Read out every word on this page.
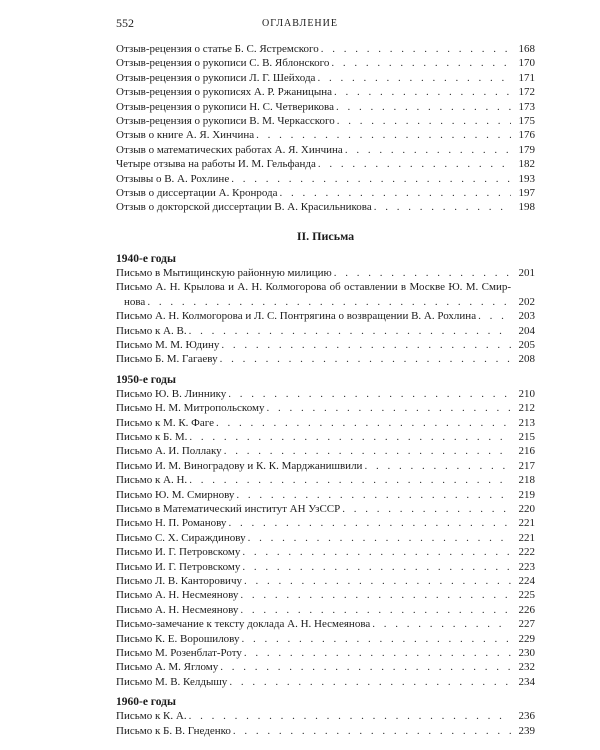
552	ОГЛАВЛЕНИЕ
Отзыв-рецензия о статье Б. С. Ястремского . . .	168
Отзыв-рецензия о рукописи С. В. Яблонского . . .	170
Отзыв-рецензия о рукописи Л. Г. Шейхода . . .	171
Отзыв-рецензия о рукописях А. Р. Ржаницына . . .	172
Отзыв-рецензия о рукописи Н. С. Четверикова . . .	173
Отзыв-рецензия о рукописи В. М. Черкасского . . .	175
Отзыв о книге А. Я. Хинчина . . .	176
Отзыв о математических работах А. Я. Хинчина . . .	179
Четыре отзыва на работы И. М. Гельфанда . . .	182
Отзывы о В. А. Рохлине . . .	193
Отзыв о диссертации А. Кронрода . . .	197
Отзыв о докторской диссертации В. А. Красильникова . . .	198
II. Письма
1940-е годы
Письмо в Мытищинскую районную милицию . . .	201
Письмо А. Н. Крылова и А. Н. Колмогорова об оставлении в Москве Ю. М. Смир-
нова . . .	202
Письмо А. Н. Колмогорова и Л. С. Понтрягина о возвращении В. А. Рохлина . . .	203
Письмо к А. В. . . .	204
Письмо М. М. Юдину . . .	205
Письмо Б. М. Гагаеву . . .	208
1950-е годы
Письмо Ю. В. Линнику . . .	210
Письмо Н. М. Митропольскому . . .	212
Письмо к М. К. Фаге . . .	213
Письмо к Б. М. . . .	215
Письмо А. И. Поллаку . . .	216
Письмо И. М. Виноградову и К. К. Марджанишвили . . .	217
Письмо к А. Н. . . .	218
Письмо Ю. М. Смирнову . . .	219
Письмо в Математический институт АН УзССР . . .	220
Письмо Н. П. Романову . . .	221
Письмо С. Х. Сираждинову . . .	221
Письмо И. Г. Петровскому . . .	222
Письмо И. Г. Петровскому . . .	223
Письмо Л. В. Канторовичу . . .	224
Письмо А. Н. Несмеянову . . .	225
Письмо А. Н. Несмеянову . . .	226
Письмо-замечание к тексту доклада А. Н. Несмеянова . . .	227
Письмо К. Е. Ворошилову . . .	229
Письмо М. Розенблат-Роту . . .	230
Письмо А. М. Яглому . . .	232
Письмо М. В. Келдышу . . .	234
1960-е годы
Письмо к К. А. . . .	236
Письмо к Б. В. Гнеденко . . .	239
